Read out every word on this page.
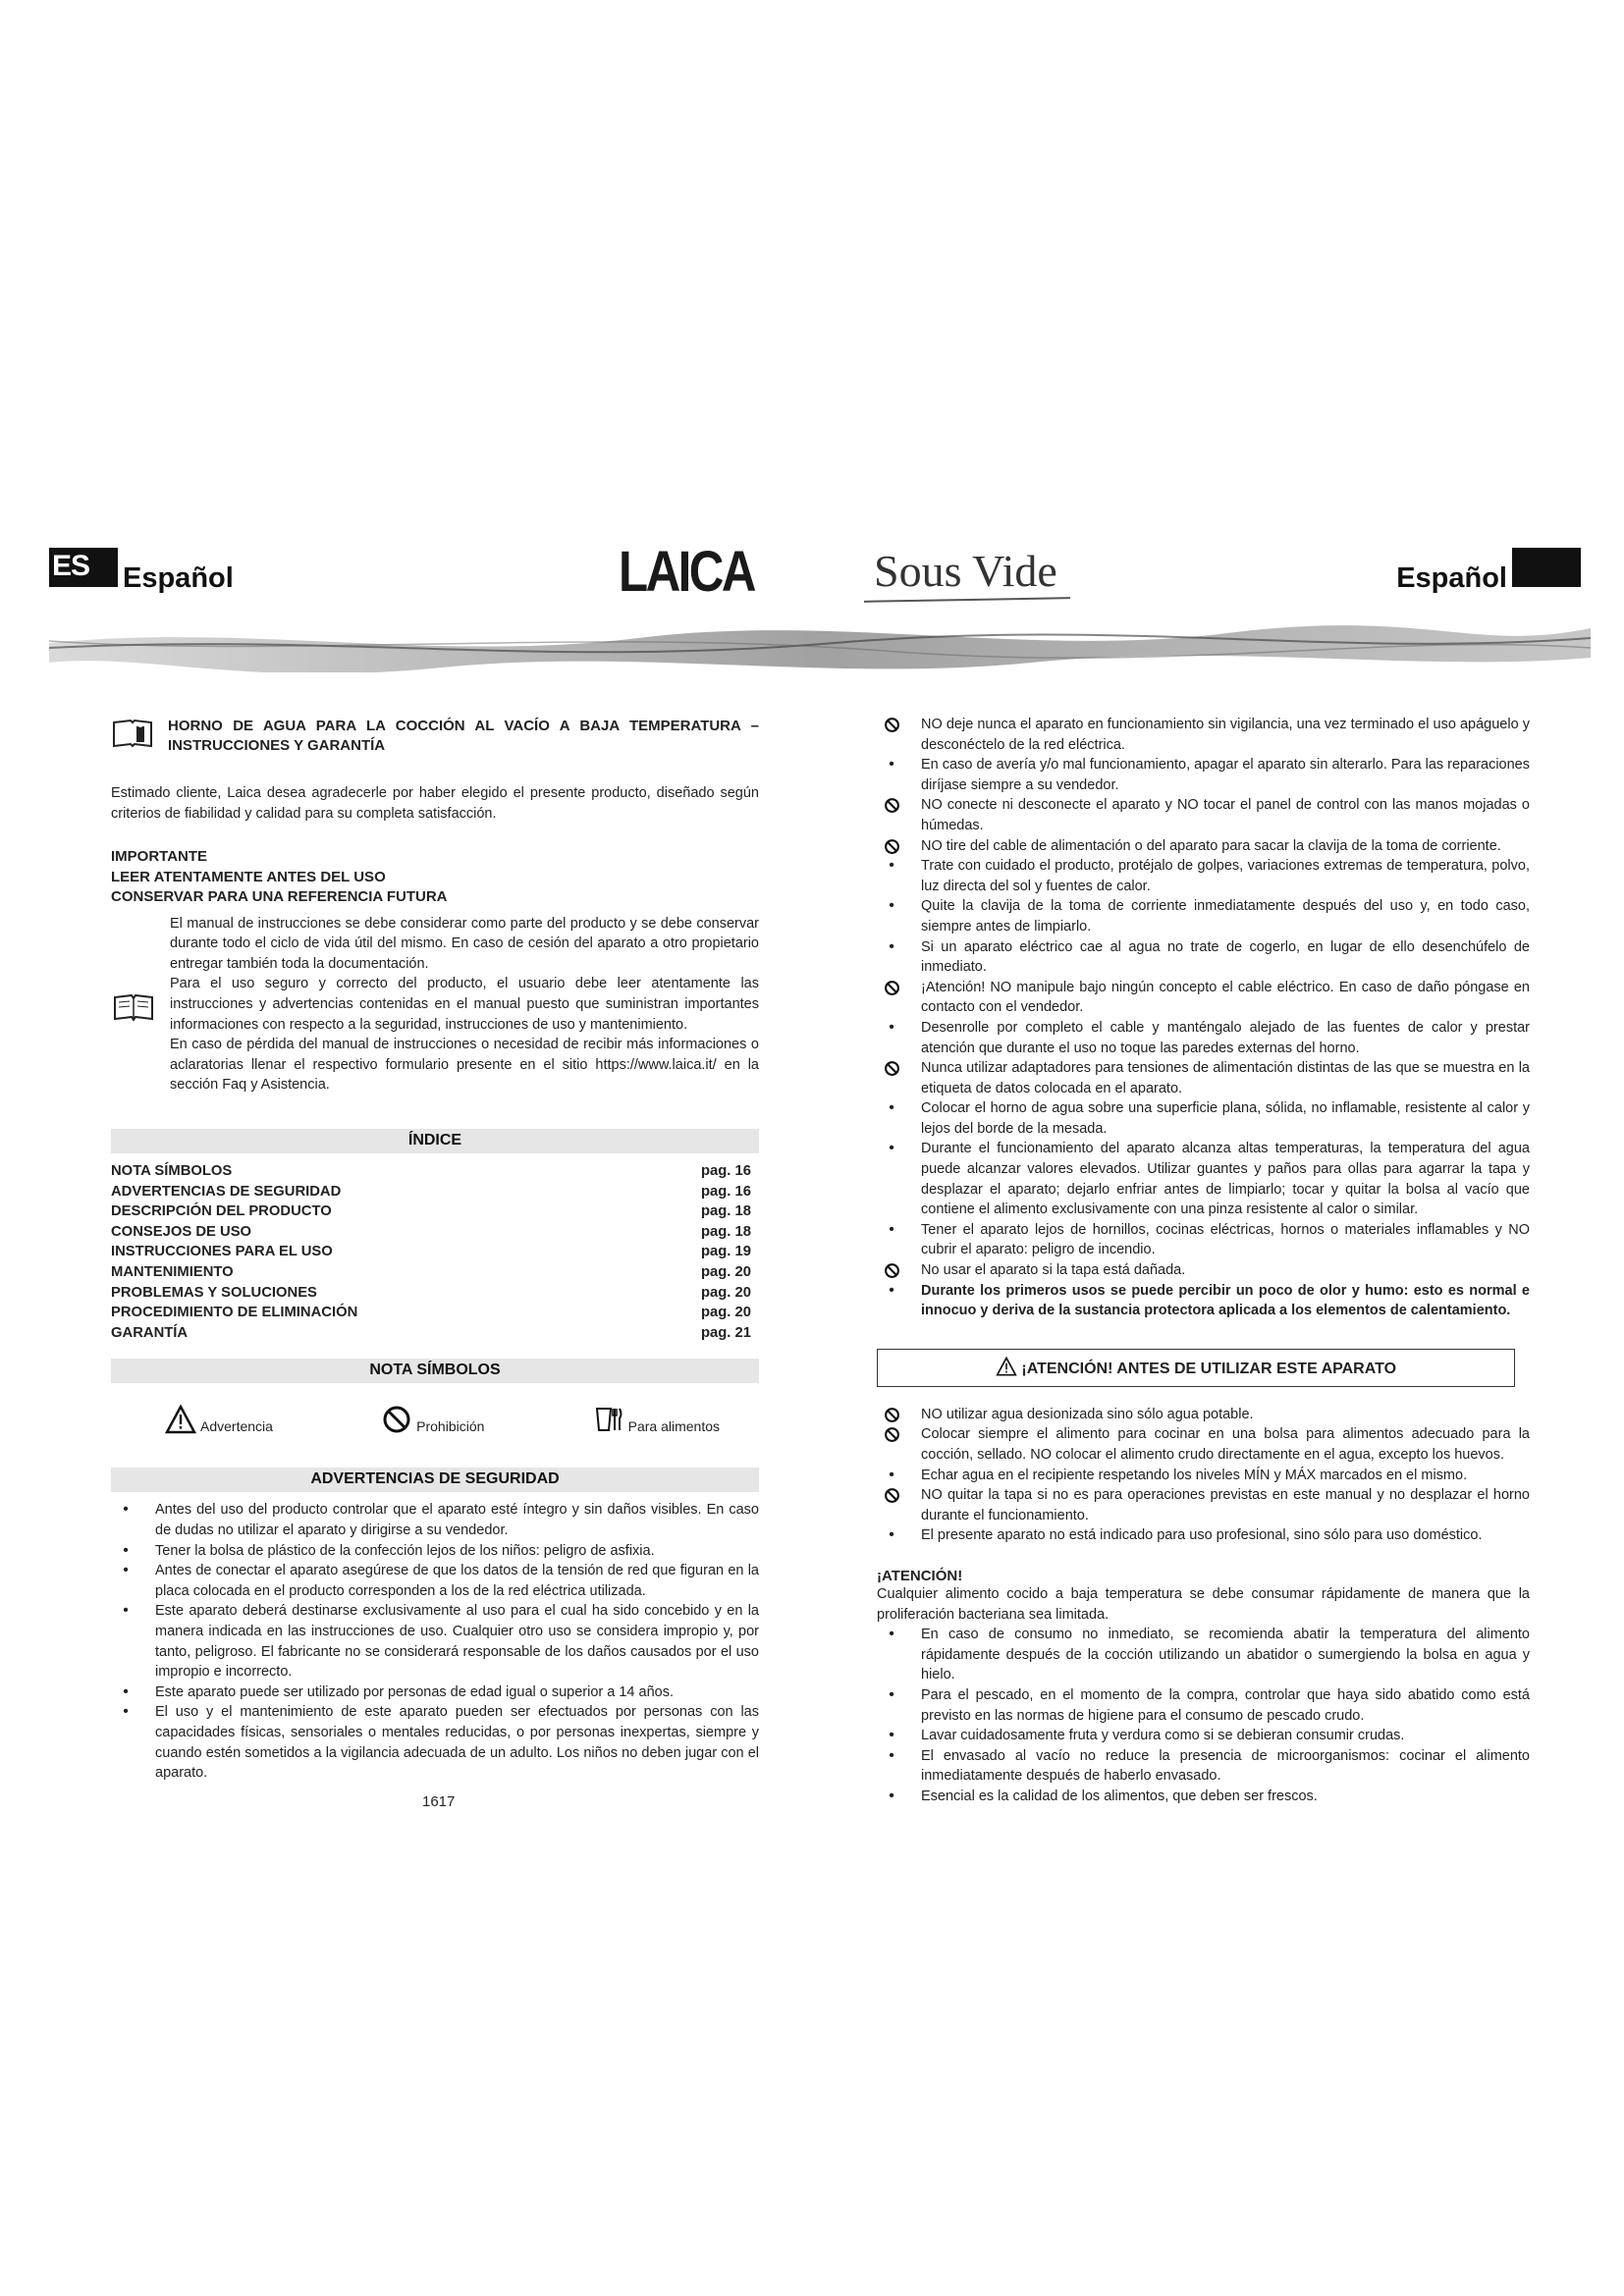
ES	Español	LAICA	Sous Vide	Español
HORNO DE AGUA PARA LA COCCIÓN AL VACÍO A BAJA TEMPERATURA – INSTRUCCIONES Y GARANTÍA

Estimado cliente, Laica desea agradecerle por haber elegido el presente producto, diseñado según criterios de fiabilidad y calidad para su completa satisfacción.

IMPORTANTE
LEER ATENTAMENTE ANTES DEL USO
CONSERVAR PARA UNA REFERENCIA FUTURA

El manual de instrucciones se debe considerar como parte del producto y se debe conservar durante todo el ciclo de vida útil del mismo. En caso de cesión del aparato a otro propietario entregar también toda la documentación.

Para el uso seguro y correcto del producto, el usuario debe leer atentamente las instrucciones y advertencias contenidas en el manual puesto que suministran importantes informaciones con respecto a la seguridad, instrucciones de uso y mantenimiento.

En caso de pérdida del manual de instrucciones o necesidad de recibir más informaciones o aclaratorias llenar el respectivo formulario presente en el sitio https://www.laica.it/ en la sección Faq y Asistencia.

ÍNDICE
NOTA SÍMBOLOS	pag. 16
ADVERTENCIAS DE SEGURIDAD	pag. 16
DESCRIPCIÓN DEL PRODUCTO	pag. 18
CONSEJOS DE USO	pag. 18
INSTRUCCIONES PARA EL USO	pag. 19
MANTENIMIENTO	pag. 20
PROBLEMAS Y SOLUCIONES	pag. 20
PROCEDIMIENTO DE ELIMINACIÓN	pag. 20
GARANTÍA	pag. 21
NOTA SÍMBOLOS
Advertencia	Prohibición	Para alimentos
ADVERTENCIAS DE SEGURIDAD
•
Antes del uso del producto controlar que el aparato esté íntegro y sin daños visibles. En caso de dudas no utilizar el aparato y dirigirse a su vendedor.
•
Tener la bolsa de plástico de la confección lejos de los niños: peligro de asfixia.
•
Antes de conectar el aparato asegúrese de que los datos de la tensión de red que figuran en la placa colocada en el producto corresponden a los de la red eléctrica utilizada.
•
Este aparato deberá destinarse exclusivamente al uso para el cual ha sido concebido y en la manera indicada en las instrucciones de uso. Cualquier otro uso se considera impropio y, por tanto, peligroso. El fabricante no se considerará responsable de los daños causados por el uso impropio e incorrecto.
•
Este aparato puede ser utilizado por personas de edad igual o superior a 14 años.
•
El uso y el mantenimiento de este aparato pueden ser efectuados por personas con las capacidades físicas, sensoriales o mentales reducidas, o por personas inexpertas, siempre y cuando estén sometidos a la vigilancia adecuada de un adulto. Los niños no deben jugar con el aparato.
1617
NO deje nunca el aparato en funcionamiento sin vigilancia, una vez terminado el uso apáguelo y desconéctelo de la red eléctrica.
•
En caso de avería y/o mal funcionamiento, apagar el aparato sin alterarlo. Para las reparaciones diríjase siempre a su vendedor.
NO conecte ni desconecte el aparato y NO tocar el panel de control con las manos mojadas o húmedas.
NO tire del cable de alimentación o del aparato para sacar la clavija de la toma de corriente.
•
Trate con cuidado el producto, protéjalo de golpes, variaciones extremas de temperatura, polvo, luz directa del sol y fuentes de calor.
•
Quite la clavija de la toma de corriente inmediatamente después del uso y, en todo caso, siempre antes de limpiarlo.
•
Si un aparato eléctrico cae al agua no trate de cogerlo, en lugar de ello desenchúfelo de inmediato.
¡Atención! NO manipule bajo ningún concepto el cable eléctrico. En caso de daño póngase en contacto con el vendedor.
•
Desenrolle por completo el cable y manténgalo alejado de las fuentes de calor y prestar atención que durante el uso no toque las paredes externas del horno.
Nunca utilizar adaptadores para tensiones de alimentación distintas de las que se muestra en la etiqueta de datos colocada en el aparato.
•
Colocar el horno de agua sobre una superficie plana, sólida, no inflamable, resistente al calor y lejos del borde de la mesada.
•
Durante el funcionamiento del aparato alcanza altas temperaturas, la temperatura del agua puede alcanzar valores elevados. Utilizar guantes y paños para ollas para agarrar la tapa y desplazar el aparato; dejarlo enfriar antes de limpiarlo; tocar y quitar la bolsa al vacío que contiene el alimento exclusivamente con una pinza resistente al calor o similar.
•
Tener el aparato lejos de hornillos, cocinas eléctricas, hornos o materiales inflamables y NO cubrir el aparato: peligro de incendio.
No usar el aparato si la tapa está dañada.
•
Durante los primeros usos se puede percibir un poco de olor y humo: esto es normal e innocuo y deriva de la sustancia protectora aplicada a los elementos de calentamiento.
¡ATENCIÓN! ANTES DE UTILIZAR ESTE APARATO
NO utilizar agua desionizada sino sólo agua potable.
Colocar siempre el alimento para cocinar en una bolsa para alimentos adecuado para la cocción, sellado. NO colocar el alimento crudo directamente en el agua, excepto los huevos.
•
Echar agua en el recipiente respetando los niveles MÍN y MÁX marcados en el mismo.
NO quitar la tapa si no es para operaciones previstas en este manual y no desplazar el horno durante el funcionamiento.
•
El presente aparato no está indicado para uso profesional, sino sólo para uso doméstico.
¡ATENCIÓN!

Cualquier alimento cocido a baja temperatura se debe consumar rápidamente de manera que la proliferación bacteriana sea limitada.

•
En caso de consumo no inmediato, se recomienda abatir la temperatura del alimento rápidamente después de la cocción utilizando un abatidor o sumergiendo la bolsa en agua y hielo.
•
Para el pescado, en el momento de la compra, controlar que haya sido abatido como está previsto en las normas de higiene para el consumo de pescado crudo.
•
Lavar cuidadosamente fruta y verdura como si se debieran consumir crudas.
•
El envasado al vacío no reduce la presencia de microorganismos: cocinar el alimento inmediatamente después de haberlo envasado.
•
Esencial es la calidad de los alimentos, que deben ser frescos.
